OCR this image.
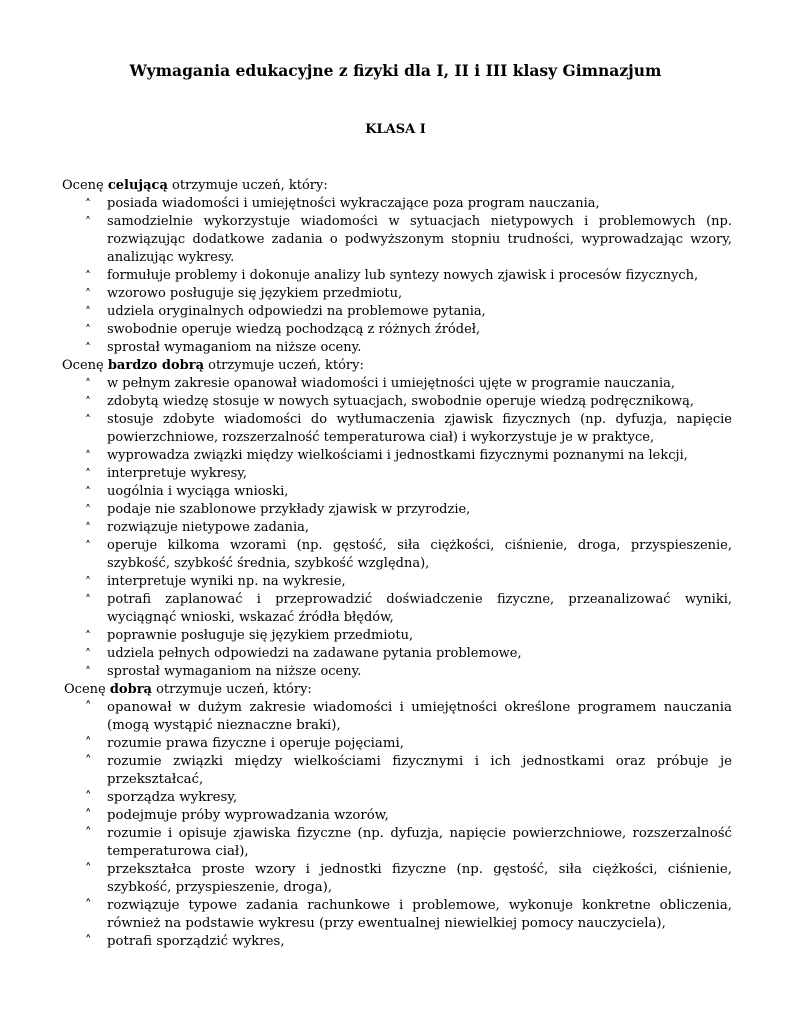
Wymagania edukacyjne z fizyki dla I, II i III klasy Gimnazjum
KLASA I
Ocenę celującą otrzymuje uczeń, który:
˄ posiada wiadomości i umiejętności wykraczające poza program nauczania,
˄ samodzielnie wykorzystuje wiadomości w sytuacjach nietypowych i problemowych (np. rozwiązując dodatkowe zadania o podwyższonym stopniu trudności, wyprowadzając wzory, analizując wykresy.
˄ formułuje problemy i dokonuje analizy lub syntezy nowych zjawisk i procesów fizycznych,
˄ wzorowo posługuje się językiem przedmiotu,
˄ udziela oryginalnych odpowiedzi na problemowe pytania,
˄ swobodnie operuje wiedzą pochodzącą z różnych źródeł,
˄ sprostał wymaganiom na niższe oceny.
Ocenę bardzo dobrą otrzymuje uczeń, który:
˄ w pełnym zakresie opanował wiadomości i umiejętności ujęte w programie nauczania,
˄ zdobytą wiedzę stosuje w nowych sytuacjach, swobodnie operuje wiedzą podręcznikową,
˄ stosuje zdobyte wiadomości do wytłumaczenia zjawisk fizycznych (np. dyfuzja, napięcie powierzchniowe, rozszerzalność temperaturowa ciał) i wykorzystuje je w praktyce,
˄ wyprowadza związki między wielkościami i jednostkami fizycznymi poznanymi na lekcji,
˄ interpretuje wykresy,
˄ uogólnia i wyciąga wnioski,
˄ podaje nie szablonowe przykłady zjawisk w przyrodzie,
˄ rozwiązuje nietypowe zadania,
˄ operuje kilkoma wzorami (np. gęstość, siła ciężkości, ciśnienie, droga, przyspieszenie, szybkość, szybkość średnia, szybkość względna),
˄ interpretuje wyniki np. na wykresie,
˄ potrafi zaplanować i przeprowadzić doświadczenie fizyczne, przeanalizować wyniki, wyciągnąć wnioski, wskazać źródła błędów,
˄ poprawnie posługuje się językiem przedmiotu,
˄ udziela pełnych odpowiedzi na zadawane pytania problemowe,
˄ sprostał wymaganiom na niższe oceny.
Ocenę dobrą otrzymuje uczeń, który:
˄ opanował w dużym zakresie wiadomości i umiejętności określone programem nauczania (mogą wystąpić nieznaczne braki),
˄ rozumie prawa fizyczne i operuje pojęciami,
˄ rozumie związki między wielkościami fizycznymi i ich jednostkami oraz próbuje je przekształcać,
˄ sporządza wykresy,
˄ podejmuje próby wyprowadzania wzorów,
˄ rozumie i opisuje zjawiska fizyczne (np. dyfuzja, napięcie powierzchniowe, rozszerzalność temperaturowa ciał),
˄ przekształca proste wzory i jednostki fizyczne (np. gęstość, siła ciężkości, ciśnienie, szybkość, przyspieszenie, droga),
˄ rozwiązuje typowe zadania rachunkowe i problemowe, wykonuje konkretne obliczenia, również na podstawie wykresu (przy ewentualnej niewielkiej pomocy nauczyciela),
˄ potrafi sporządzić wykres,
